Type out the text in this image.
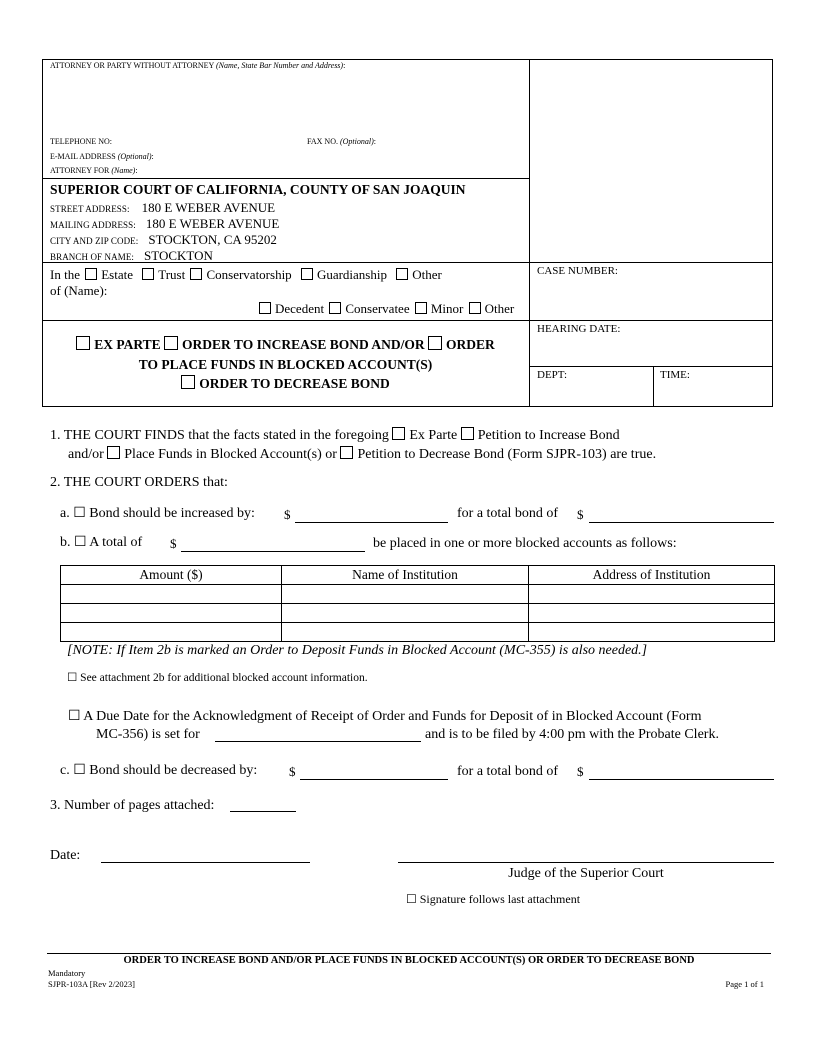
ATTORNEY OR PARTY WITHOUT ATTORNEY (Name, State Bar Number and Address):
TELEPHONE NO:	FAX NO. (Optional):
E-MAIL ADDRESS (Optional):
ATTORNEY FOR (Name):
SUPERIOR COURT OF CALIFORNIA, COUNTY OF SAN JOAQUIN
STREET ADDRESS: 180 E WEBER AVENUE
MAILING ADDRESS: 180 E WEBER AVENUE
CITY AND ZIP CODE: STOCKTON, CA 95202
BRANCH OF NAME: STOCKTON
In the Estate Trust Conservatorship Guardianship Other
of (Name):
Decedent Conservatee Minor Other
CASE NUMBER:
HEARING DATE:
DEPT:	TIME:
EX PARTE ORDER TO INCREASE BOND AND/OR ORDER
TO PLACE FUNDS IN BLOCKED ACCOUNT(S)
ORDER TO DECREASE BOND
1. THE COURT FINDS that the facts stated in the foregoing Ex Parte Petition to Increase Bond
and/or Place Funds in Blocked Account(s) or Petition to Decrease Bond (Form SJPR-103) are true.
2. THE COURT ORDERS that:
a. ☐ Bond should be increased by: $	for a total bond of $
b. ☐ A total of $	be placed in one or more blocked accounts as follows:
Amount ($)	Name of Institution	Address of Institution

[NOTE: If Item 2b is marked an Order to Deposit Funds in Blocked Account (MC-355) is also needed.]
☐ See attachment 2b for additional blocked account information.
☐ A Due Date for the Acknowledgment of Receipt of Order and Funds for Deposit of in Blocked Account (Form
MC-356) is set for	and is to be filed by 4:00 pm with the Probate Clerk.
c. ☐ Bond should be decreased by: $	for a total bond of $
3. Number of pages attached:
Date:
Judge of the Superior Court
☐ Signature follows last attachment
ORDER TO INCREASE BOND AND/OR PLACE FUNDS IN BLOCKED ACCOUNT(S) OR ORDER TO DECREASE BOND
Mandatory
SJPR-103A [Rev 2/2023]	Page 1 of 1
